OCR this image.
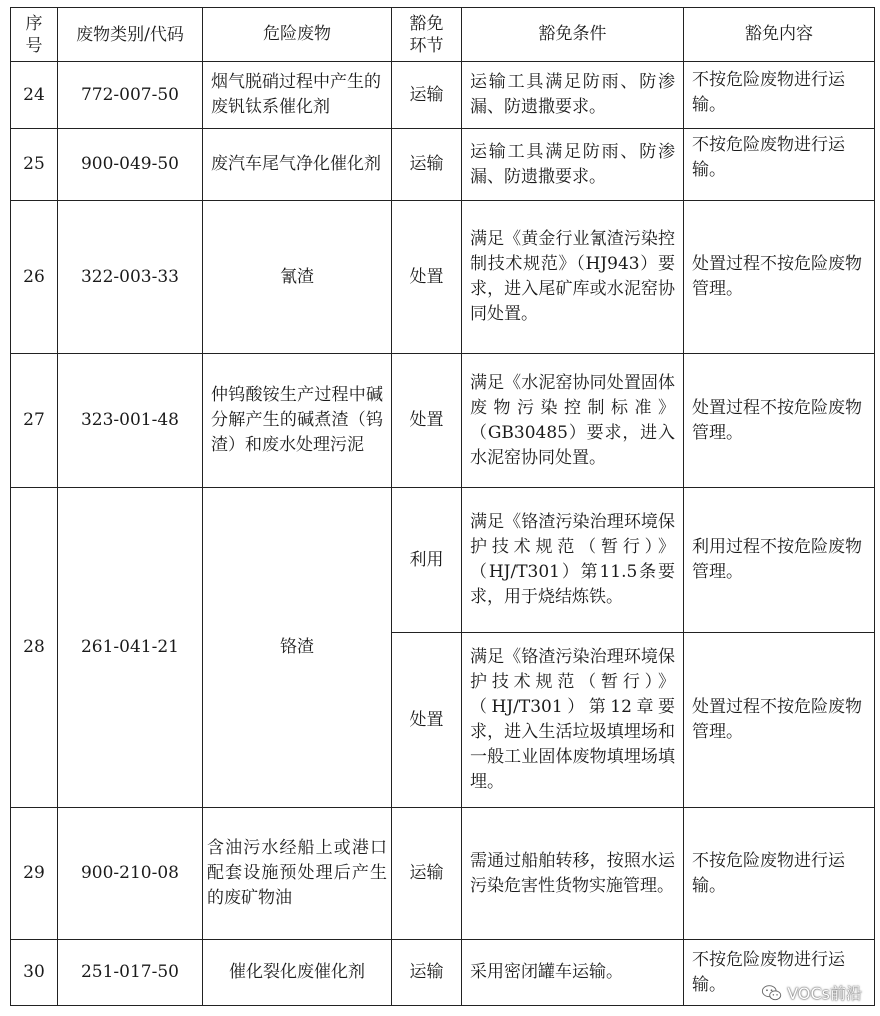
序号	废物类别/代码	危险废物	豁免环节	豁免条件	豁免内容
24	772-007-50	烟气脱硝过程中产生的废钒钛系催化剂	运输	运输工具满足防雨、防渗漏、防遗撒要求。	不按危险废物进行运输。
25	900-049-50	废汽车尾气净化催化剂	运输	运输工具满足防雨、防渗漏、防遗撒要求。	不按危险废物进行运输。
26	322-003-33	氰渣	处置	满足《黄金行业氰渣污染控制技术规范》（HJ943）要求，进入尾矿库或水泥窑协同处置。	处置过程不按危险废物管理。
27	323-001-48	仲钨酸铵生产过程中碱分解产生的碱煮渣（钨渣）和废水处理污泥	处置	满足《水泥窑协同处置固体废物污染控制标准》（GB30485）要求，进入水泥窑协同处置。	处置过程不按危险废物管理。
28	261-041-21	铬渣	利用	满足《铬渣污染治理环境保护技术规范（暂行）》（HJ/T301）第11.5条要求，用于烧结炼铁。	利用过程不按危险废物管理。
			处置	满足《铬渣污染治理环境保护技术规范（暂行）》（HJ/T301）第12章要求，进入生活垃圾填埋场和一般工业固体废物填埋场填埋。	处置过程不按危险废物管理。
29	900-210-08	含油污水经船上或港口配套设施预处理后产生的废矿物油	运输	需通过船舶转移，按照水运污染危害性货物实施管理。	不按危险废物进行运输。
30	251-017-50	催化裂化废催化剂	运输	采用密闭罐车运输。	不按危险废物进行运输。	VOCs前沿
